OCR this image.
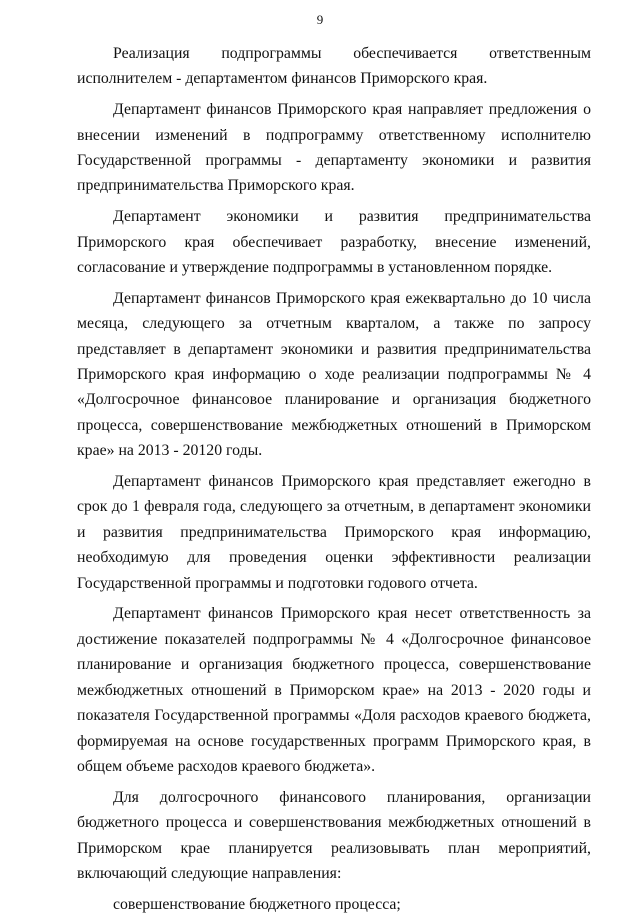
9

Реализация подпрограммы обеспечивается ответственным исполнителем - департаментом финансов Приморского края.

Департамент финансов Приморского края направляет предложения о внесении изменений в подпрограмму ответственному исполнителю Государственной программы - департаменту экономики и развития предпринимательства Приморского края.

Департамент экономики и развития предпринимательства Приморского края обеспечивает разработку, внесение изменений, согласование и утверждение подпрограммы в установленном порядке.

Департамент финансов Приморского края ежеквартально до 10 числа месяца, следующего за отчетным кварталом, а также по запросу представляет в департамент экономики и развития предпринимательства Приморского края информацию о ходе реализации подпрограммы № 4 «Долгосрочное финансовое планирование и организация бюджетного процесса, совершенствование межбюджетных отношений в Приморском крае» на 2013 - 20120 годы.

Департамент финансов Приморского края представляет ежегодно в срок до 1 февраля года, следующего за отчетным, в департамент экономики и развития предпринимательства Приморского края информацию, необходимую для проведения оценки эффективности реализации Государственной программы и подготовки годового отчета.

Департамент финансов Приморского края несет ответственность за достижение показателей подпрограммы № 4 «Долгосрочное финансовое планирование и организация бюджетного процесса, совершенствование межбюджетных отношений в Приморском крае» на 2013 - 2020 годы и показателя Государственной программы «Доля расходов краевого бюджета, формируемая на основе государственных программ Приморского края, в общем объеме расходов краевого бюджета».

Для долгосрочного финансового планирования, организации бюджетного процесса и совершенствования межбюджетных отношений в Приморском крае планируется реализовывать план мероприятий, включающий следующие направления:

совершенствование бюджетного процесса;
